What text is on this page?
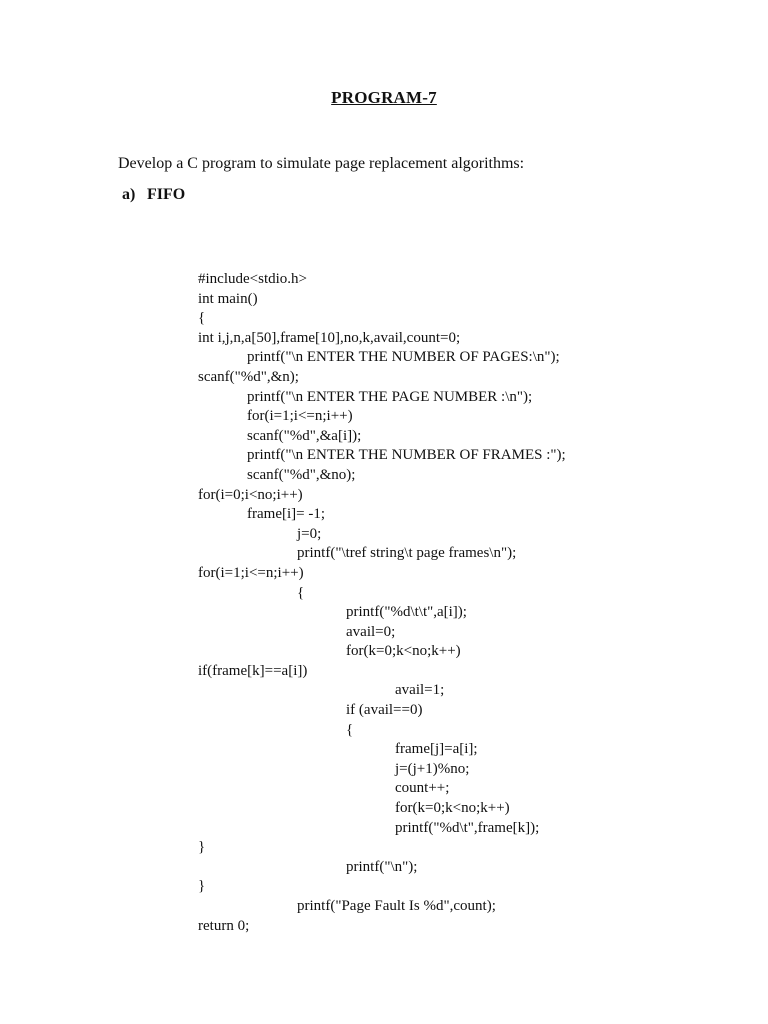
PROGRAM-7
Develop a C program to simulate page replacement algorithms:
a) FIFO
#include<stdio.h>
int main()
{
int i,j,n,a[50],frame[10],no,k,avail,count=0;
printf("\n ENTER THE NUMBER OF PAGES:\n");
scanf("%d",&n);
printf("\n ENTER THE PAGE NUMBER :\n");
for(i=1;i<=n;i++)
scanf("%d",&a[i]);
printf("\n ENTER THE NUMBER OF FRAMES :");
scanf("%d",&no);
for(i=0;i<no;i++)
frame[i]= -1;
j=0;
printf("\tref string\t page frames\n");
for(i=1;i<=n;i++)
{
printf("%d\t\t",a[i]);
avail=0;
for(k=0;k<no;k++)
if(frame[k]==a[i])
avail=1;
if (avail==0)
{
frame[j]=a[i];
j=(j+1)%no;
count++;
for(k=0;k<no;k++)
printf("%d\t",frame[k]);
}
printf("\n");
}
printf("Page Fault Is %d",count);
return 0;
